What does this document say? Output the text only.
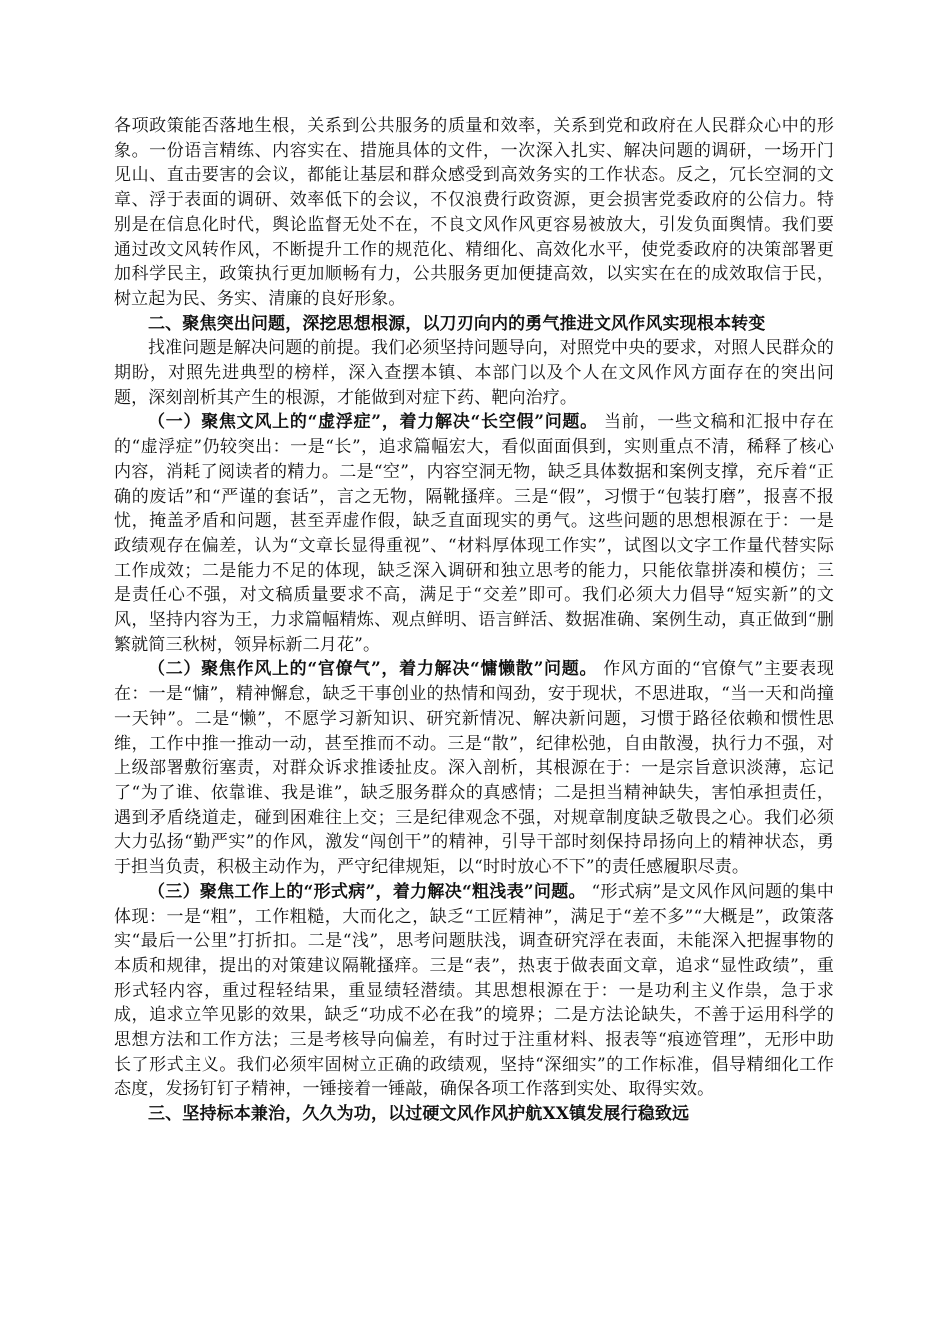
各项政策能否落地生根，关系到公共服务的质量和效率，关系到党和政府在人民群众心中的形象。一份语言精练、内容实在、措施具体的文件，一次深入扎实、解决问题的调研，一场开门见山、直击要害的会议，都能让基层和群众感受到高效务实的工作状态。反之，冗长空洞的文章、浮于表面的调研、效率低下的会议，不仅浪费行政资源，更会损害党委政府的公信力。特别是在信息化时代，舆论监督无处不在，不良文风作风更容易被放大，引发负面舆情。我们要通过改文风转作风，不断提升工作的规范化、精细化、高效化水平，使党委政府的决策部署更加科学民主，政策执行更加顺畅有力，公共服务更加便捷高效，以实实在在的成效取信于民，树立起为民、务实、清廉的良好形象。

二、聚焦突出问题，深挖思想根源，以刀刃向内的勇气推进文风作风实现根本转变

找准问题是解决问题的前提。我们必须坚持问题导向，对照党中央的要求，对照人民群众的期盼，对照先进典型的榜样，深入查摆本镇、本部门以及个人在文风作风方面存在的突出问题，深刻剖析其产生的根源，才能做到对症下药、靶向治疗。

（一）聚焦文风上的“虚浮症”，着力解决“长空假”问题。 当前，一些文稿和汇报中存在的“虚浮症”仍较突出：一是“长”，追求篇幅宏大，看似面面俱到，实则重点不清，稀释了核心内容，消耗了阅读者的精力。二是“空”，内容空洞无物，缺乏具体数据和案例支撑，充斥着“正确的废话”和“严谨的套话”，言之无物，隔靴搔痒。三是“假”，习惯于“包装打磨”，报喜不报忧，掩盖矛盾和问题，甚至弄虚作假，缺乏直面现实的勇气。这些问题的思想根源在于：一是政绩观存在偏差，认为“文章长显得重视”、“材料厚体现工作实”，试图以文字工作量代替实际工作成效；二是能力不足的体现，缺乏深入调研和独立思考的能力，只能依靠拼凑和模仿；三是责任心不强，对文稿质量要求不高，满足于“交差”即可。我们必须大力倡导“短实新”的文风，坚持内容为王，力求篇幅精炼、观点鲜明、语言鲜活、数据准确、案例生动，真正做到“删繁就简三秋树，领异标新二月花”。

（二）聚焦作风上的“官僚气”，着力解决“慵懒散”问题。 作风方面的“官僚气”主要表现在：一是“慵”，精神懈怠，缺乏干事创业的热情和闯劲，安于现状，不思进取，“当一天和尚撞一天钟”。二是“懒”，不愿学习新知识、研究新情况、解决新问题，习惯于路径依赖和惯性思维，工作中推一推动一动，甚至推而不动。三是“散”，纪律松弛，自由散漫，执行力不强，对上级部署敷衍塞责，对群众诉求推诿扯皮。深入剖析，其根源在于：一是宗旨意识淡薄，忘记了“为了谁、依靠谁、我是谁”，缺乏服务群众的真感情；二是担当精神缺失，害怕承担责任，遇到矛盾绕道走，碰到困难往上交；三是纪律观念不强，对规章制度缺乏敬畏之心。我们必须大力弘扬“勤严实”的作风，激发“闯创干”的精神，引导干部时刻保持昂扬向上的精神状态，勇于担当负责，积极主动作为，严守纪律规矩，以“时时放心不下”的责任感履职尽责。

（三）聚焦工作上的“形式病”，着力解决“粗浅表”问题。 “形式病”是文风作风问题的集中体现：一是“粗”，工作粗糙，大而化之，缺乏“工匠精神”，满足于“差不多”“大概是”，政策落实“最后一公里”打折扣。二是“浅”，思考问题肤浅，调查研究浮在表面，未能深入把握事物的本质和规律，提出的对策建议隔靴搔痒。三是“表”，热衷于做表面文章，追求“显性政绩”，重形式轻内容，重过程轻结果，重显绩轻潜绩。其思想根源在于：一是功利主义作祟，急于求成，追求立竿见影的效果，缺乏“功成不必在我”的境界；二是方法论缺失，不善于运用科学的思想方法和工作方法；三是考核导向偏差，有时过于注重材料、报表等“痕迹管理”，无形中助长了形式主义。我们必须牢固树立正确的政绩观，坚持“深细实”的工作标准，倡导精细化工作态度，发扬钉钉子精神，一锤接着一锤敲，确保各项工作落到实处、取得实效。

三、坚持标本兼治，久久为功，以过硬文风作风护航XX镇发展行稳致远
